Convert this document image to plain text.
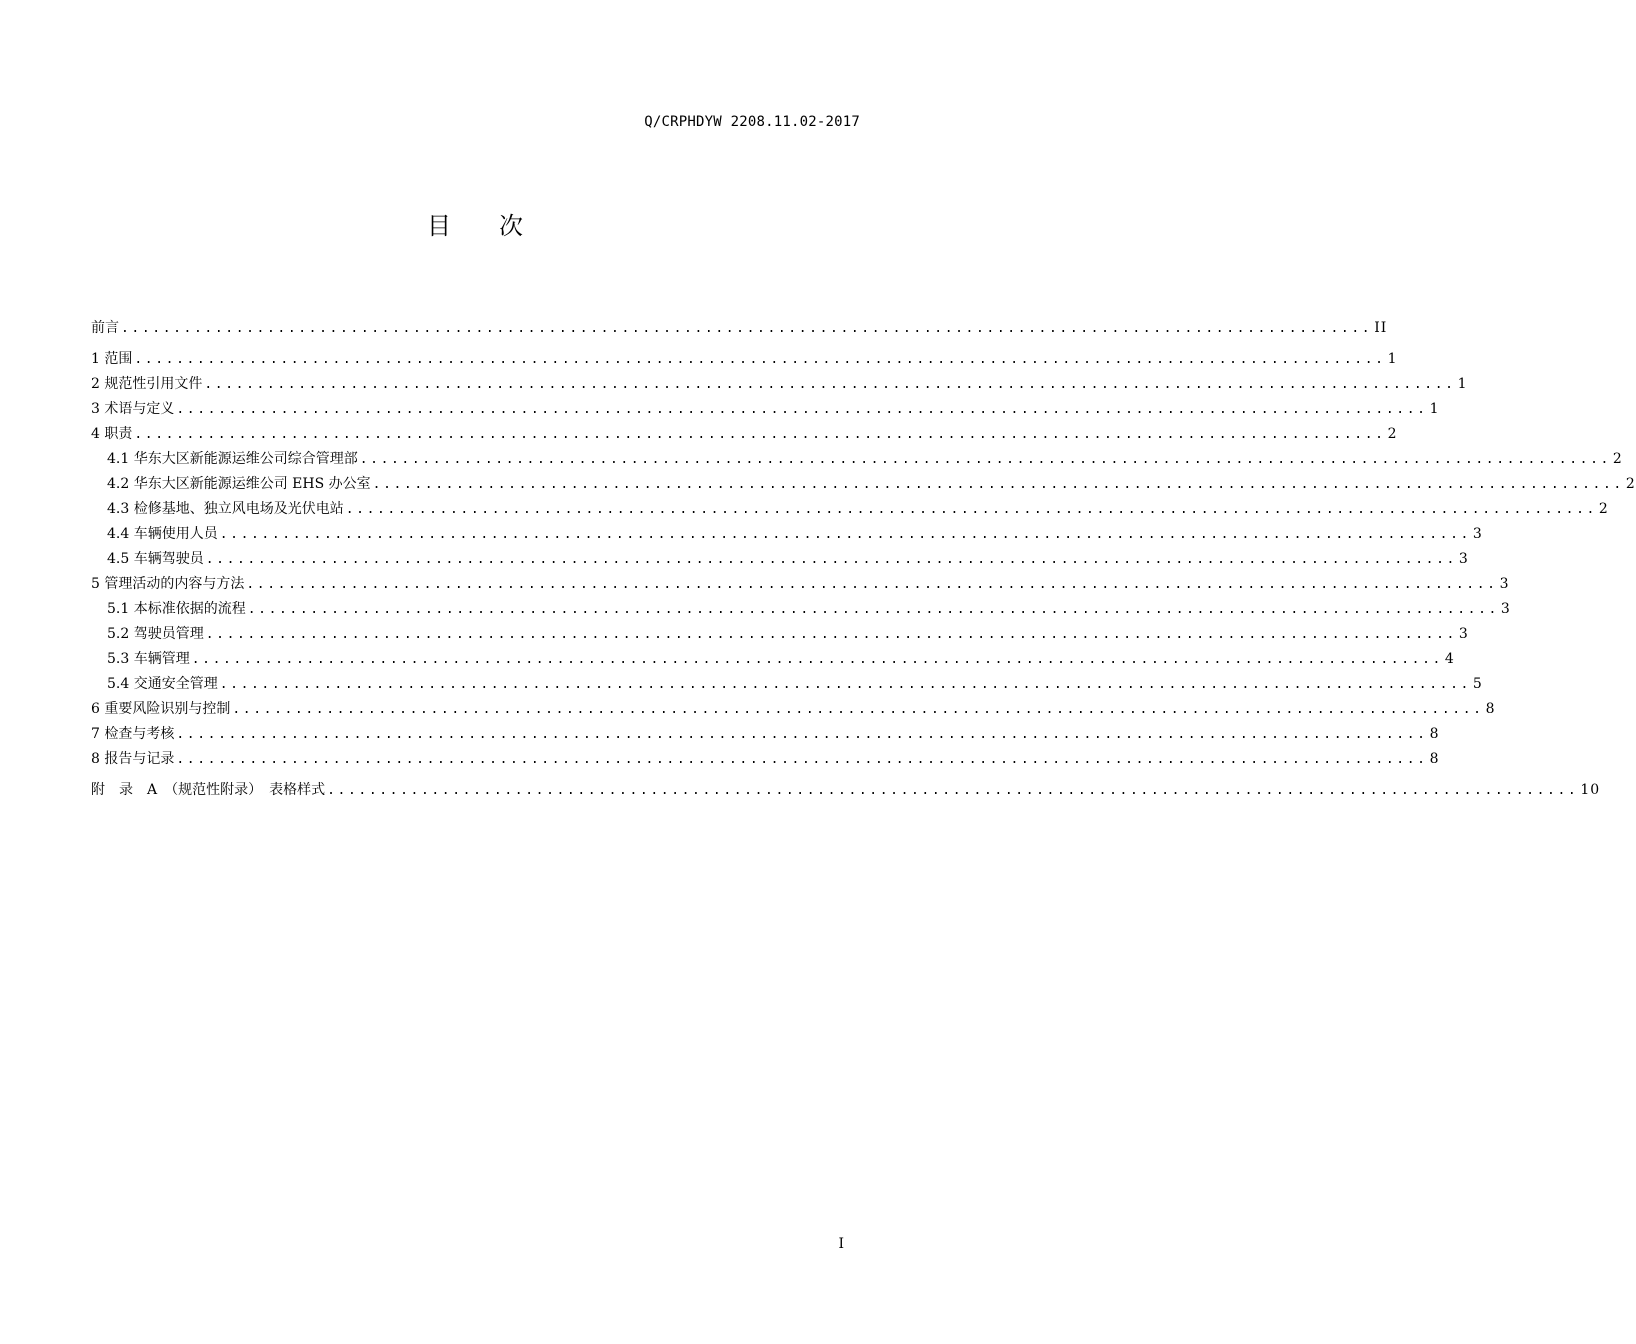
Q/CRPHDYW 2208.11.02-2017
目 次
前言 ........................................................................................................................ II
1 范围 ........................................................................................................................ 1
2 规范性引用文件 ........................................................................................................................ 1
3 术语与定义 ........................................................................................................................ 1
4 职责 ........................................................................................................................ 2
4.1 华东大区新能源运维公司综合管理部 ........................................................................................................................ 2
4.2 华东大区新能源运维公司 EHS 办公室 ........................................................................................................................ 2
4.3 检修基地、独立风电场及光伏电站 ........................................................................................................................ 2
4.4 车辆使用人员 ........................................................................................................................ 3
4.5 车辆驾驶员 ........................................................................................................................ 3
5 管理活动的内容与方法 ........................................................................................................................ 3
5.1 本标准依据的流程 ........................................................................................................................ 3
5.2 驾驶员管理 ........................................................................................................................ 3
5.3 车辆管理 ........................................................................................................................ 4
5.4 交通安全管理 ........................................................................................................................ 5
6 重要风险识别与控制 ........................................................................................................................ 8
7 检查与考核 ........................................................................................................................ 8
8 报告与记录 ........................................................................................................................ 8
附　录　A　（规范性附录）　表格样式 ........................................................................................................................ 10
I
